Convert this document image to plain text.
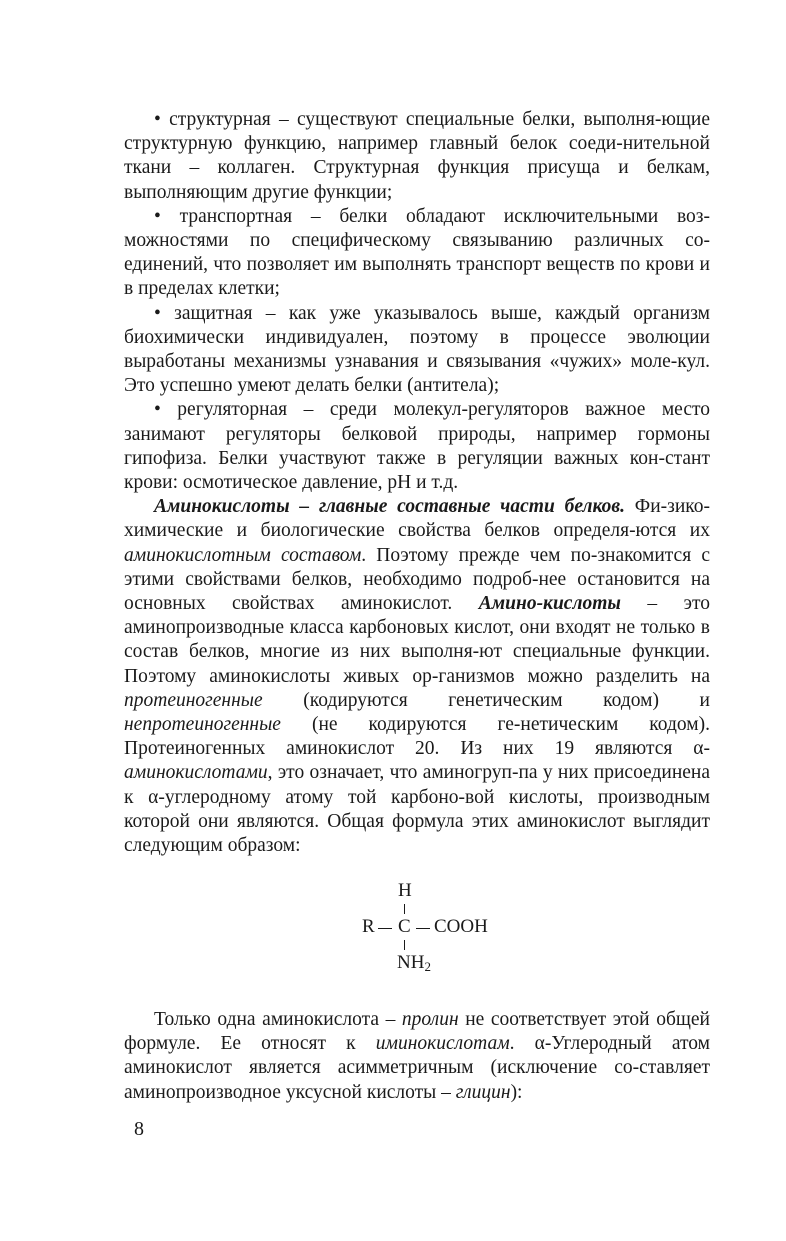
• структурная – существуют специальные белки, выполня-ющие структурную функцию, например главный белок соеди-нительной ткани – коллаген. Структурная функция присуща и белкам, выполняющим другие функции;

• транспортная – белки обладают исключительными воз-можностями по специфическому связыванию различных со-единений, что позволяет им выполнять транспорт веществ по крови и в пределах клетки;

• защитная – как уже указывалось выше, каждый организм биохимически индивидуален, поэтому в процессе эволюции выработаны механизмы узнавания и связывания «чужих» моле-кул. Это успешно умеют делать белки (антитела);

• регуляторная – среди молекул-регуляторов важное место занимают регуляторы белковой природы, например гормоны гипофиза. Белки участвуют также в регуляции важных кон-стант крови: осмотическое давление, pH и т.д.

Аминокислоты – главные составные части белков. Фи-зико-химические и биологические свойства белков определя-ются их аминокислотным составом. Поэтому прежде чем по-знакомится с этими свойствами белков, необходимо подроб-нее остановится на основных свойствах аминокислот. Амино-кислоты – это аминопроизводные класса карбоновых кислот, они входят не только в состав белков, многие из них выполня-ют специальные функции. Поэтому аминокислоты живых ор-ганизмов можно разделить на протеиногенные (кодируются генетическим кодом) и непротеиногенные (не кодируются ге-нетическим кодом). Протеиногенных аминокислот 20. Из них 19 являются α-аминокислотами, это означает, что аминогруп-па у них присоединена к α-углеродному атому той карбоно-вой кислоты, производным которой они являются. Общая формула этих аминокислот выглядит следующим образом:

H
R C COOH
$NH_2$

Только одна аминокислота – пролин не соответствует этой общей формуле. Ее относят к иминокислотам. α-Углеродный атом аминокислот является асимметричным (исключение со-ставляет аминопроизводное уксусной кислоты – глицин):

8
